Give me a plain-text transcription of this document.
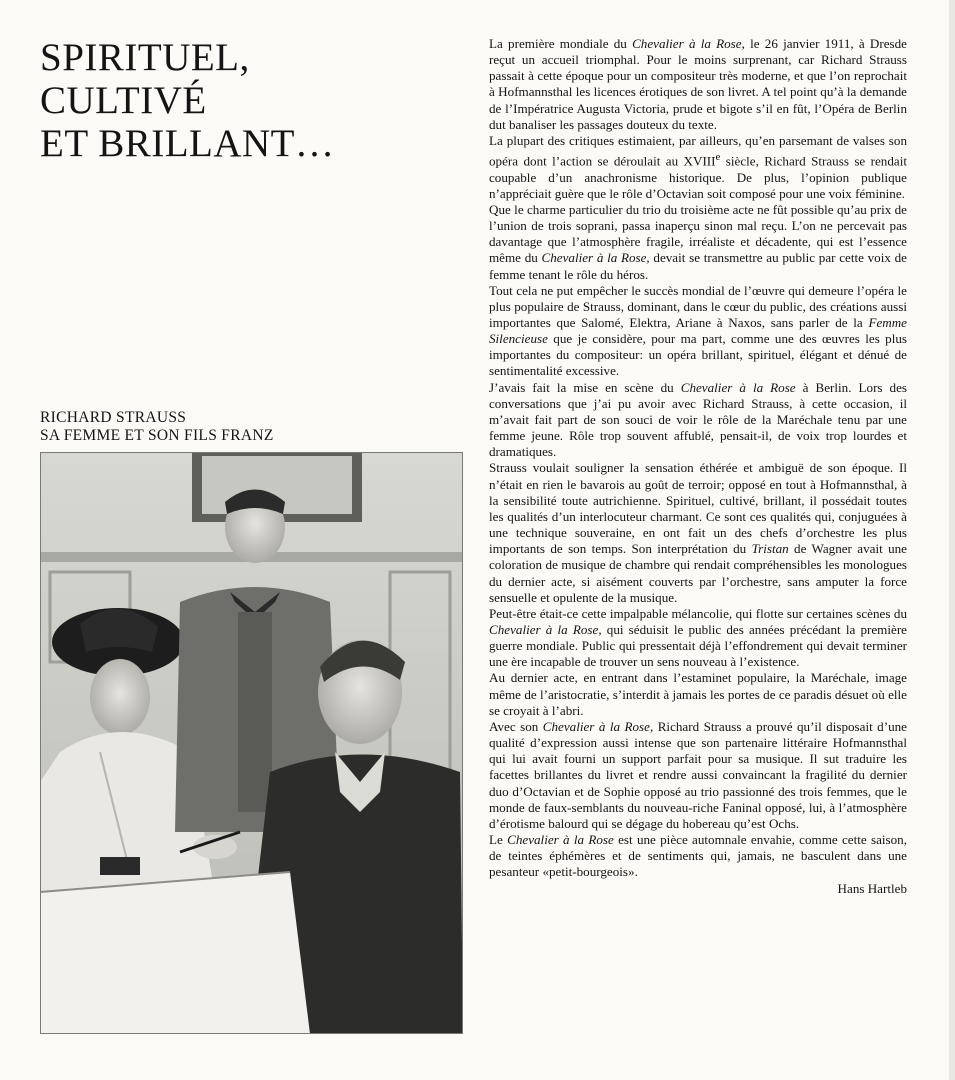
SPIRITUEL,
CULTIVÉ
ET BRILLANT…
RICHARD STRAUSS
SA FEMME ET SON FILS FRANZ

La première mondiale du Chevalier à la Rose, le 26 janvier 1911, à Dresde reçut un accueil triomphal. Pour le moins surprenant, car Richard Strauss passait à cette époque pour un compositeur très moderne, et que l’on reprochait à Hofmannsthal les licences érotiques de son livret. A tel point qu’à la demande de l’Impératrice Augusta Victoria, prude et bigote s’il en fût, l’Opéra de Berlin dut banaliser les passages douteux du texte.

La plupart des critiques estimaient, par ailleurs, qu’en parsemant de valses son opéra dont l’action se déroulait au XVIIIe siècle, Richard Strauss se rendait coupable d’un anachronisme historique. De plus, l’opinion publique n’appréciait guère que le rôle d’Octavian soit composé pour une voix féminine.

Que le charme particulier du trio du troisième acte ne fût possible qu’au prix de l’union de trois soprani, passa inaperçu sinon mal reçu. L’on ne percevait pas davantage que l’atmosphère fragile, irréaliste et décadente, qui est l’essence même du Chevalier à la Rose, devait se transmettre au public par cette voix de femme tenant le rôle du héros.

Tout cela ne put empêcher le succès mondial de l’œuvre qui demeure l’opéra le plus populaire de Strauss, dominant, dans le cœur du public, des créations aussi importantes que Salomé, Elektra, Ariane à Naxos, sans parler de la Femme Silencieuse que je considère, pour ma part, comme une des œuvres les plus importantes du compositeur: un opéra brillant, spirituel, élégant et dénué de sentimentalité excessive.

J’avais fait la mise en scène du Chevalier à la Rose à Berlin. Lors des conversations que j’ai pu avoir avec Richard Strauss, à cette occasion, il m’avait fait part de son souci de voir le rôle de la Maréchale tenu par une femme jeune. Rôle trop souvent affublé, pensait-il, de voix trop lourdes et dramatiques.

Strauss voulait souligner la sensation éthérée et ambiguë de son époque. Il n’était en rien le bavarois au goût de terroir; opposé en tout à Hofmannsthal, à la sensibilité toute autrichienne. Spirituel, cultivé, brillant, il possédait toutes les qualités d’un interlocuteur charmant. Ce sont ces qualités qui, conjuguées à une technique souveraine, en ont fait un des chefs d’orchestre les plus importants de son temps. Son interprétation du Tristan de Wagner avait une coloration de musique de chambre qui rendait compréhensibles les monologues du dernier acte, si aisément couverts par l’orchestre, sans amputer la force sensuelle et opulente de la musique.

Peut-être était-ce cette impalpable mélancolie, qui flotte sur certaines scènes du Chevalier à la Rose, qui séduisit le public des années précédant la première guerre mondiale. Public qui pressentait déjà l’effondrement qui devait terminer une ère incapable de trouver un sens nouveau à l’existence.

Au dernier acte, en entrant dans l’estaminet populaire, la Maréchale, image même de l’aristocratie, s’interdit à jamais les portes de ce paradis désuet où elle se croyait à l’abri.

Avec son Chevalier à la Rose, Richard Strauss a prouvé qu’il disposait d’une qualité d’expression aussi intense que son partenaire littéraire Hofmannsthal qui lui avait fourni un support parfait pour sa musique. Il sut traduire les facettes brillantes du livret et rendre aussi convaincant la fragilité du dernier duo d’Octavian et de Sophie opposé au trio passionné des trois femmes, que le monde de faux-semblants du nouveau-riche Faninal opposé, lui, à l’atmosphère d’érotisme balourd qui se dégage du hobereau qu’est Ochs.

Le Chevalier à la Rose est une pièce automnale envahie, comme cette saison, de teintes éphémères et de sentiments qui, jamais, ne basculent dans une pesanteur «petit-bourgeois».

Hans Hartleb
